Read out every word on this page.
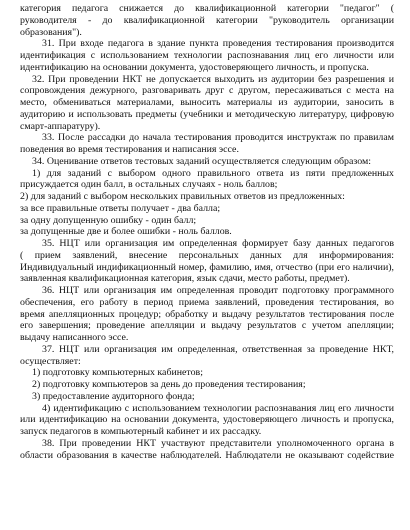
категория педагога снижается до квалификационной категории "педагог" (
руководителя - до квалификационной категории "руководитель организации
образования").
31. При входе педагога в здание пункта проведения тестирования производится
идентификация с использованием технологии распознавания лиц его личности или
идентификацию на основании документа, удостоверяющего личность, и пропуска.
32. При проведении НКТ не допускается выходить из аудитории без разрешения и
сопровождения дежурного, разговаривать друг с другом, пересаживаться с места на
место, обмениваться материалами, выносить материалы из аудитории, заносить в
аудиторию и использовать предметы (учебники и методическую литературу, цифровую
смарт-аппаратуру).
33. После рассадки до начала тестирования проводится инструктаж по правилам
поведения во время тестирования и написания эссе.
34. Оценивание ответов тестовых заданий осуществляется следующим образом:
1) для заданий с выбором одного правильного ответа из пяти предложенных
присуждается один балл, в остальных случаях - ноль баллов;
2) для заданий с выбором нескольких правильных ответов из предложенных:
за все правильные ответы получает - два балла;
за одну допущенную ошибку - один балл;
за допущенные две и более ошибки - ноль баллов.
35. НЦТ или организация им определенная формирует базу данных педагогов
( прием заявлений, внесение персональных данных для информирования:
Индивидуальный индификационный номер, фамилию, имя, отчество (при его наличии),
заявленная квалификационная категория, язык сдачи, место работы, предмет).
36. НЦТ или организация им определенная проводит подготовку программного
обеспечения, его работу в период приема заявлений, проведения тестирования, во
время апелляционных процедур; обработку и выдачу результатов тестирования после
его завершения; проведение апелляции и выдачу результатов с учетом апелляции;
выдачу написанного эссе.
37. НЦТ или организация им определенная, ответственная за проведение НКТ,
осуществляет:
1) подготовку компьютерных кабинетов;
2) подготовку компьютеров за день до проведения тестирования;
3) предоставление аудиторного фонда;
4) идентификацию с использованием технологии распознавания лиц его личности
или идентификацию на основании документа, удостоверяющего личность и пропуска,
запуск педагогов в компьютерный кабинет и их рассадку.
38. При проведении НКТ участвуют представители уполномоченного органа в
области образования в качестве наблюдателей. Наблюдатели не оказывают содействие
